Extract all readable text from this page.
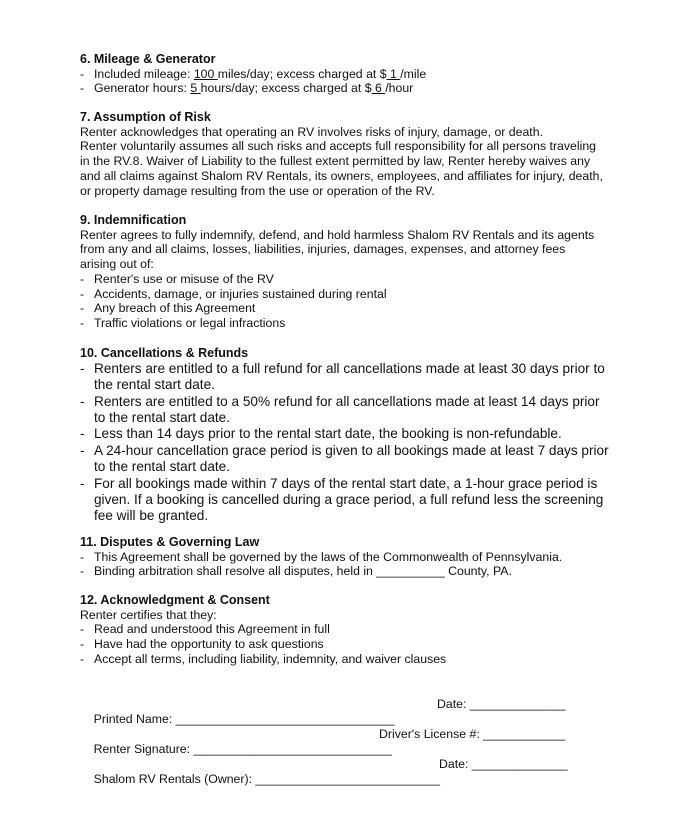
6. Mileage & Generator

- Included mileage: 100 miles/day; excess charged at $ 1 /mile
- Generator hours: 5 hours/day; excess charged at $ 6 /hour

7. Assumption of Risk

Renter acknowledges that operating an RV involves risks of injury, damage, or death.

Renter voluntarily assumes all such risks and accepts full responsibility for all persons traveling

in the RV.8. Waiver of Liability to the fullest extent permitted by law, Renter hereby waives any

and all claims against Shalom RV Rentals, its owners, employees, and affiliates for injury, death,

or property damage resulting from the use or operation of the RV.

9. Indemnification

Renter agrees to fully indemnify, defend, and hold harmless Shalom RV Rentals and its agents

from any and all claims, losses, liabilities, injuries, damages, expenses, and attorney fees

arising out of:

- Renter's use or misuse of the RV
- Accidents, damage, or injuries sustained during rental
- Any breach of this Agreement
- Traffic violations or legal infractions

10. Cancellations & Refunds

- Renters are entitled to a full refund for all cancellations made at least 30 days prior to
the rental start date.
- Renters are entitled to a 50% refund for all cancellations made at least 14 days prior
to the rental start date.
- Less than 14 days prior to the rental start date, the booking is non-refundable.
- A 24-hour cancellation grace period is given to all bookings made at least 7 days prior
to the rental start date.
- For all bookings made within 7 days of the rental start date, a 1-hour grace period is
given. If a booking is cancelled during a grace period, a full refund less the screening
fee will be granted.

11. Disputes & Governing Law

- This Agreement shall be governed by the laws of the Commonwealth of Pennsylvania.
- Binding arbitration shall resolve all disputes, held in __________ County, PA.

12. Acknowledgment & Consent

Renter certifies that they:

- Read and understood this Agreement in full
- Have had the opportunity to ask questions
- Accept all terms, including liability, indemnity, and waiver clauses

Printed Name: ________________________________

Date: ______________

Renter Signature: _____________________________

Driver's License #: ____________

Shalom RV Rentals (Owner): ___________________________

Date: ______________
